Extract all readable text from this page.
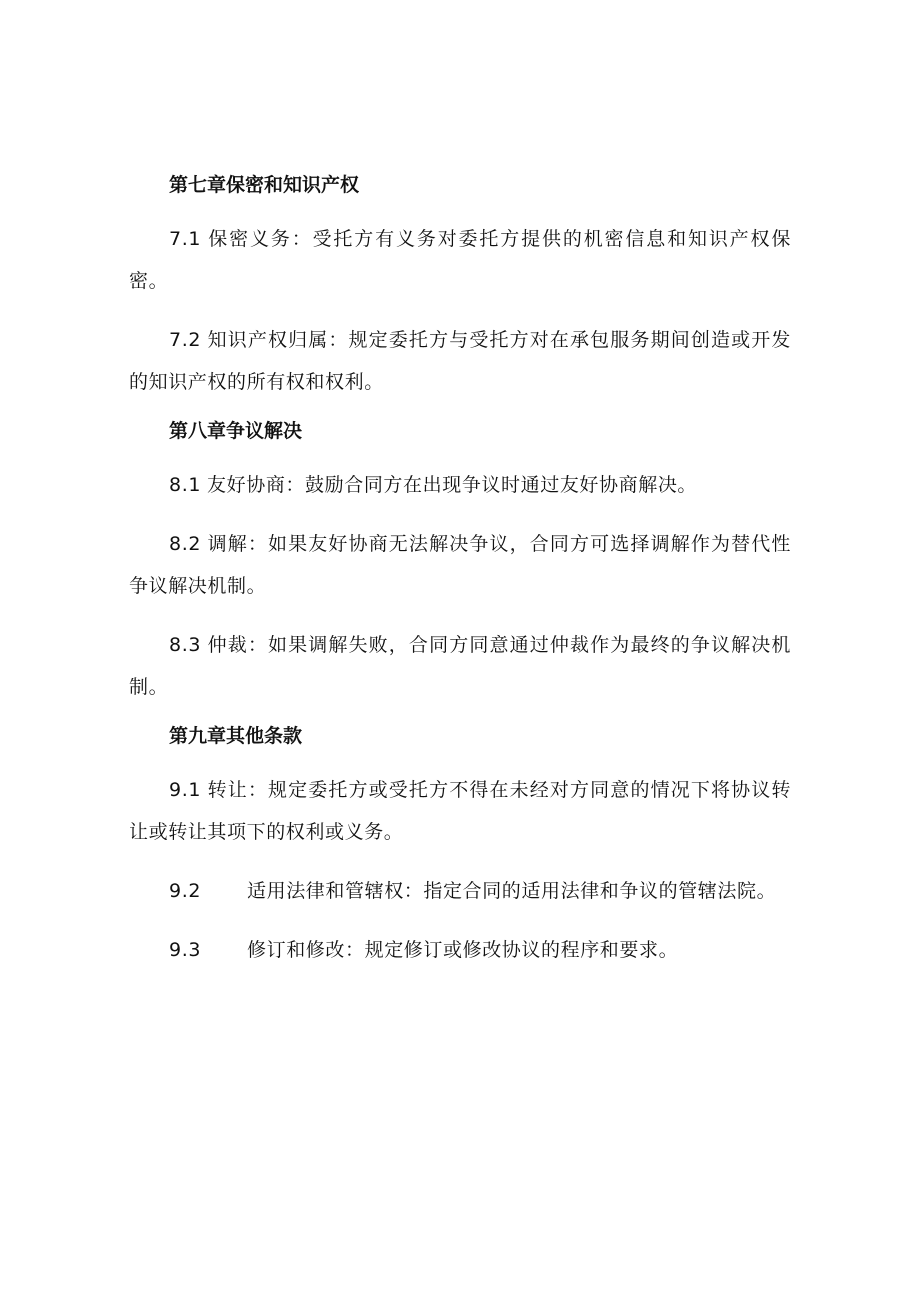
第七章保密和知识产权

7.1 保密义务：受托方有义务对委托方提供的机密信息和知识产权保密。

7.2 知识产权归属：规定委托方与受托方对在承包服务期间创造或开发的知识产权的所有权和权利。

第八章争议解决

8.1 友好协商：鼓励合同方在出现争议时通过友好协商解决。

8.2 调解：如果友好协商无法解决争议，合同方可选择调解作为替代性争议解决机制。

8.3 仲裁：如果调解失败，合同方同意通过仲裁作为最终的争议解决机制。

第九章其他条款

9.1 转让：规定委托方或受托方不得在未经对方同意的情况下将协议转让或转让其项下的权利或义务。

9.2 适用法律和管辖权：指定合同的适用法律和争议的管辖法院。

9.3 修订和修改：规定修订或修改协议的程序和要求。
